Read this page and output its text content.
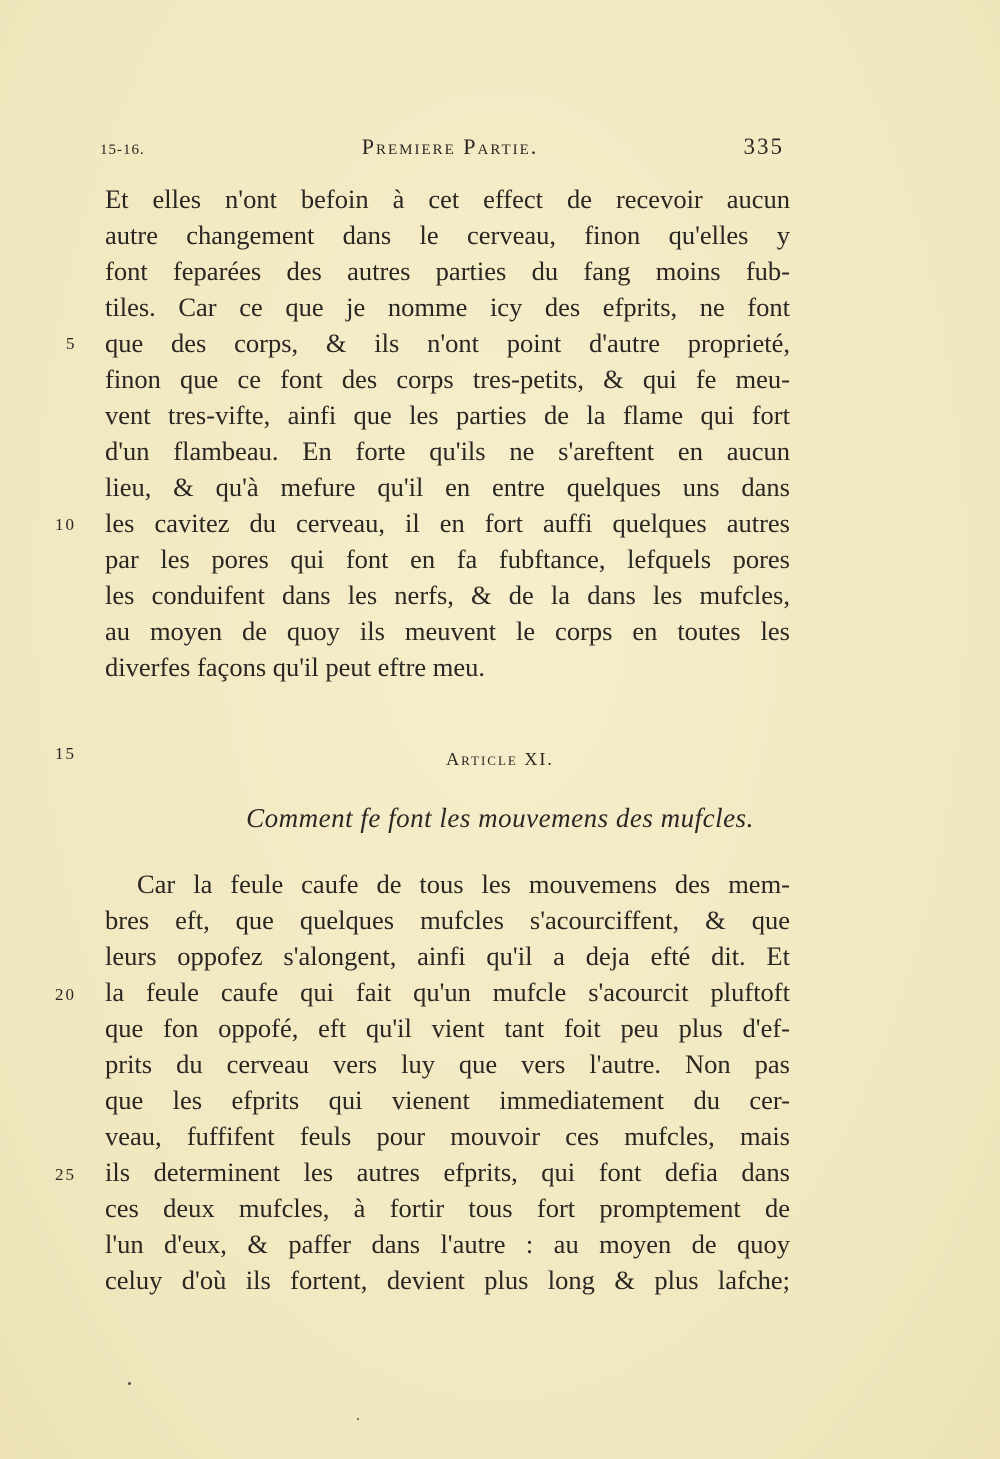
15-16.	Premiere Partie.	335
Et elles n'ont befoin à cet effect de recevoir aucun
autre changement dans le cerveau, finon qu'elles y
font feparées des autres parties du fang moins fub-
tiles. Car ce que je nomme icy des efprits, ne font
que des corps, & ils n'ont point d'autre proprieté,
finon que ce font des corps tres-petits, & qui fe meu-
vent tres-vifte, ainfi que les parties de la flame qui fort
d'un flambeau. En forte qu'ils ne s'areftent en aucun
lieu, & qu'à mefure qu'il en entre quelques uns dans
les cavitez du cerveau, il en fort auffi quelques autres
par les pores qui font en fa fubftance, lefquels pores
les conduifent dans les nerfs, & de la dans les mufcles,
au moyen de quoy ils meuvent le corps en toutes les
diverfes façons qu'il peut eftre meu.
5
10
15
20
25
Article XI.
Comment fe font les mouvemens des mufcles.
Car la feule caufe de tous les mouvemens des mem-
bres eft, que quelques mufcles s'acourciffent, & que
leurs oppofez s'alongent, ainfi qu'il a deja efté dit. Et
la feule caufe qui fait qu'un mufcle s'acourcit pluftoft
que fon oppofé, eft qu'il vient tant foit peu plus d'ef-
prits du cerveau vers luy que vers l'autre. Non pas
que les efprits qui vienent immediatement du cer-
veau, fuffifent feuls pour mouvoir ces mufcles, mais
ils determinent les autres efprits, qui font defia dans
ces deux mufcles, à fortir tous fort promptement de
l'un d'eux, & paffer dans l'autre : au moyen de quoy
celuy d'où ils fortent, devient plus long & plus lafche;
